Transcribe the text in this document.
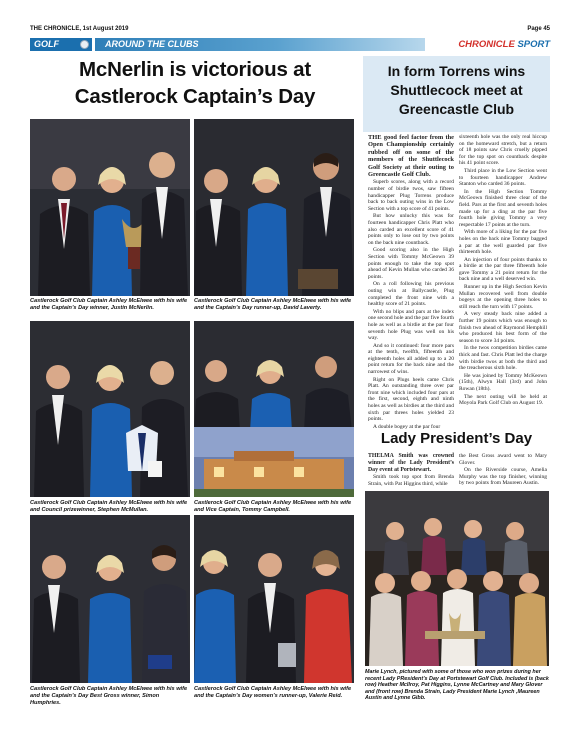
THE CHRONICLE, 1st August 2019	Page 45
GOLF	AROUND THE CLUBS	CHRONICLE SPORT
McNerlin is victorious at Castlerock Captain’s Day
Castlerock Golf Club Captain Ashley McElwee with his wife and the Captain’s Day winner, Justin McNerlin.
Castlerock Golf Club Captain Ashley McElwee with his wife and the Captain’s Day runner-up, David Laverty.
Castlerock Golf Club Captain Ashley McElwee with his wife and Council prizewinner, Stephen McMullan.
Castlerock Golf Club Captain Ashley McElwee with his wife and Vice Captain, Tommy Campbell.
Castlerock Golf Club Captain Ashley McElwee with his wife and the Captain’s Day Best Gross winner, Simon Humphries.
Castlerock Golf Club Captain Ashley McElwee with his wife and the Captain’s Day women’s runner-up, Valerie Reid.
In form Torrens wins Shuttlecock meet at Greencastle Club

THE good feel factor from the Open Championship certainly rubbed off on some of the members of the Shuttlecock Golf Society at their outing to Greencastle Golf Club.

Superb scores, along with a record number of birdie twos, saw fifteen handicapper Plug Torrens produce back to back outing wins in the Low Section with a top score of 41 points.

But how unlucky this was for fourteen handicapper Chris Platt who also carded an excellent score of 41 points only to lose out by two points on the back nine countback.

Good scoring also in the High Section with Tommy McGeown 39 points enough to take the top spot ahead of Kevin Mullan who carded 36 points.

On a roll following his previous outing win at Ballycastle, Plug completed the front nine with a healthy score of 21 points.

With no blips and pars at the index one second hole and the par five fourth hole as well as a birdie at the par four seventh hole Plug was well on his way.

And so it continued: four more pars at the tenth, twelfth, fifteenth and eighteenth holes all added up to a 20 point return for the back nine and the narrowest of wins.

Right on Plugs heels came Chris Platt. An outstanding three over par front nine which included four pars at the first, second, eighth and ninth holes as well as birdies at the third and sixth par threes holes yielded 23 points.

A double bogey at the par four

sixteenth hole was the only real hiccup on the homeward stretch, but a return of 18 points saw Chris cruelly pipped for the top spot on countback despite his 41 point score.

Third place in the Low Section went to fourteen handicapper Andrew Stanton who carded 36 points.

In the High Section Tommy McGeown finished three clear of the field. Pars at the first and seventh holes made up for a ding at the par five fourth hole giving Tommy a very respectable 17 points at the turn.

With more of a liking for the par five holes on the back nine Tommy bagged a par at the well guarded par five thirteenth hole.

An injection of four points thanks to a birdie at the par three fifteenth hole gave Tommy a 21 point return for the back nine and a well deserved win.

Runner up in the High Section Kevin Mullan recovered well from double bogeys at the opening three holes to still reach the turn with 17 points.

A very steady back nine added a further 19 points which was enough to finish two ahead of Raymond Hemphill who produced his best form of the season to score 34 points.

In the twos competition birdies came thick and fast. Chris Platt led the charge with birdie twos at both the third and the treacherous sixth hole.

He was joined by Tommy McKeown (15th), Alwyn Hall (3rd) and John Rowan (18th).

The next outing will be held at Moyola Park Golf Club on August 19.

Lady President’s Day

THELMA Smith was crowned winner of the Lady President’s Day event at Portstewart.

Smith took top spot from Brenda Strain, with Pat Higgins third, while

the Best Gross award went to Mary Glover.

On the Riverside course, Amelia Murphy was the top finisher, winning by two points from Maureen Austin.

Marie Lynch, pictured with some of those who won prizes during her recent Lady PResident’s Day at Portstewart Golf Club. Included is (back row) Heather McIlroy, Pat Higgins, Lynne McCartney and Mary Glover and (front row) Brenda Strain, Lady President Marie Lynch ,Maureen Austin and Lynne Gibb.
